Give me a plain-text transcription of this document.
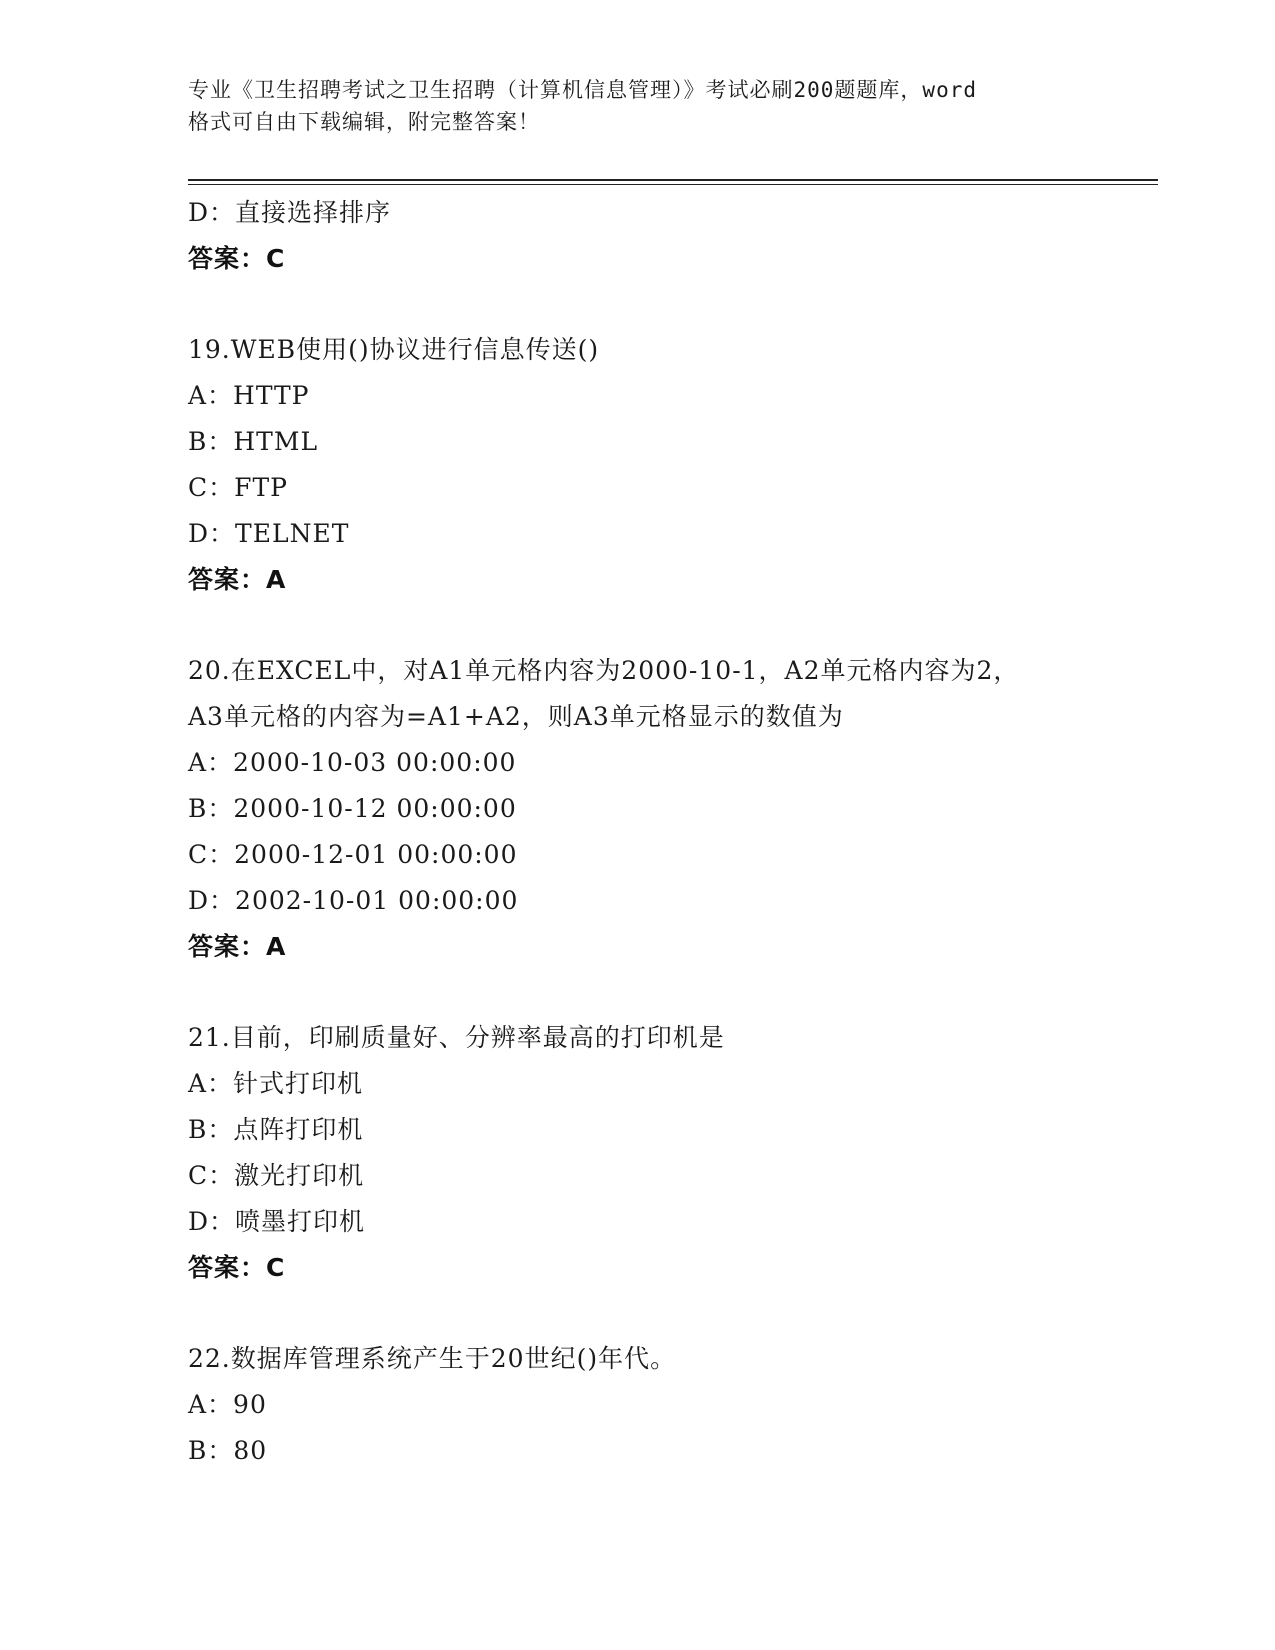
专业《卫生招聘考试之卫生招聘（计算机信息管理）》考试必刷200题题库，word
格式可自由下载编辑，附完整答案！
D：直接选择排序
答案：C
19.WEB使用()协议进行信息传送()
A：HTTP
B：HTML
C：FTP
D：TELNET
答案：A
20.在EXCEL中，对A1单元格内容为2000-10-1，A2单元格内容为2，
A3单元格的内容为=A1+A2，则A3单元格显示的数值为
A：2000-10-03 00:00:00
B：2000-10-12 00:00:00
C：2000-12-01 00:00:00
D：2002-10-01 00:00:00
答案：A
21.目前，印刷质量好、分辨率最高的打印机是
A：针式打印机
B：点阵打印机
C：激光打印机
D：喷墨打印机
答案：C
22.数据库管理系统产生于20世纪()年代。
A：90
B：80
